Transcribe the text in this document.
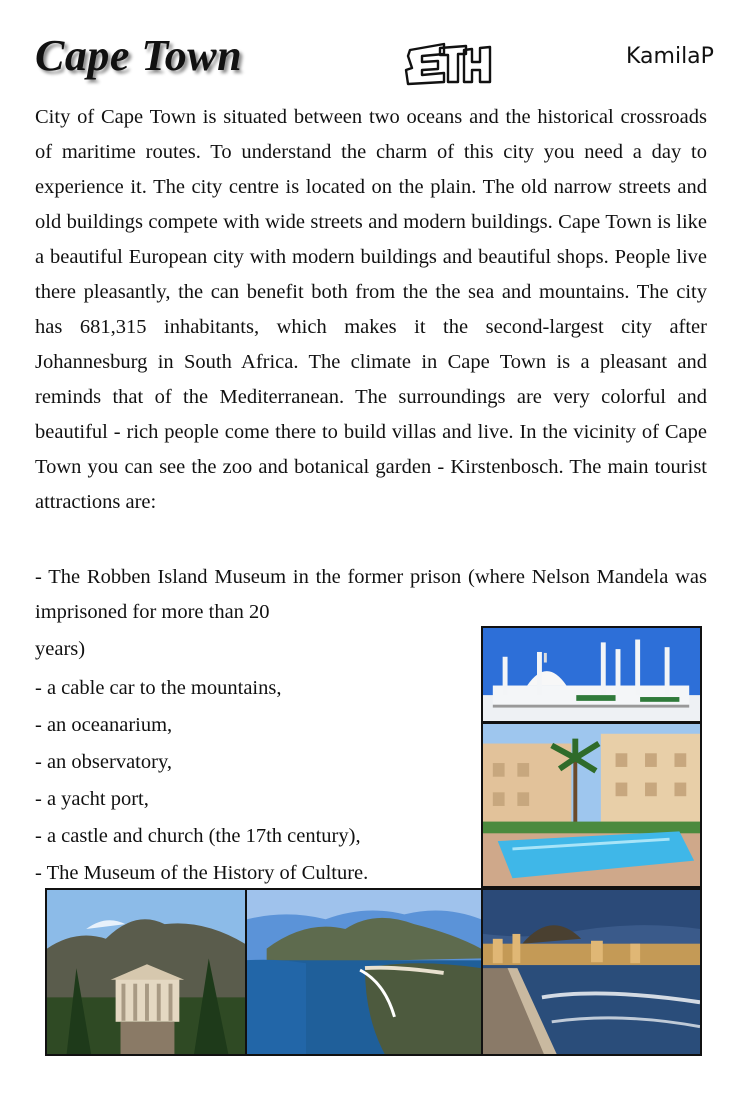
Cape Town	KamilaP

City of Cape Town is situated between two oceans and the historical crossroads of maritime routes. To understand the charm of this city you need a day to experience it. The city centre is located on the plain. The old narrow streets and old buildings compete with wide streets and modern buildings. Cape Town is like a beautiful European city with modern buildings and beautiful shops. People live there pleasantly, the can benefit both from the the sea and mountains. The city has 681,315 inhabitants, which makes it the second-largest city after Johannesburg in South Africa. The climate in Cape Town is a pleasant and reminds that of the Mediterranean. The surroundings are very colorful and beautiful - rich people come there to build villas and live. In the vicinity of Cape Town you can see the zoo and botanical garden - Kirstenbosch. The main tourist attractions are:

- The Robben Island Museum in the former prison (where Nelson Mandela was imprisoned for more than 20

years)
- a cable car to the mountains,
- an oceanarium,
- an observatory,
- a yacht port,
- a castle and church (the 17th century),
- The Museum of the History of Culture.
